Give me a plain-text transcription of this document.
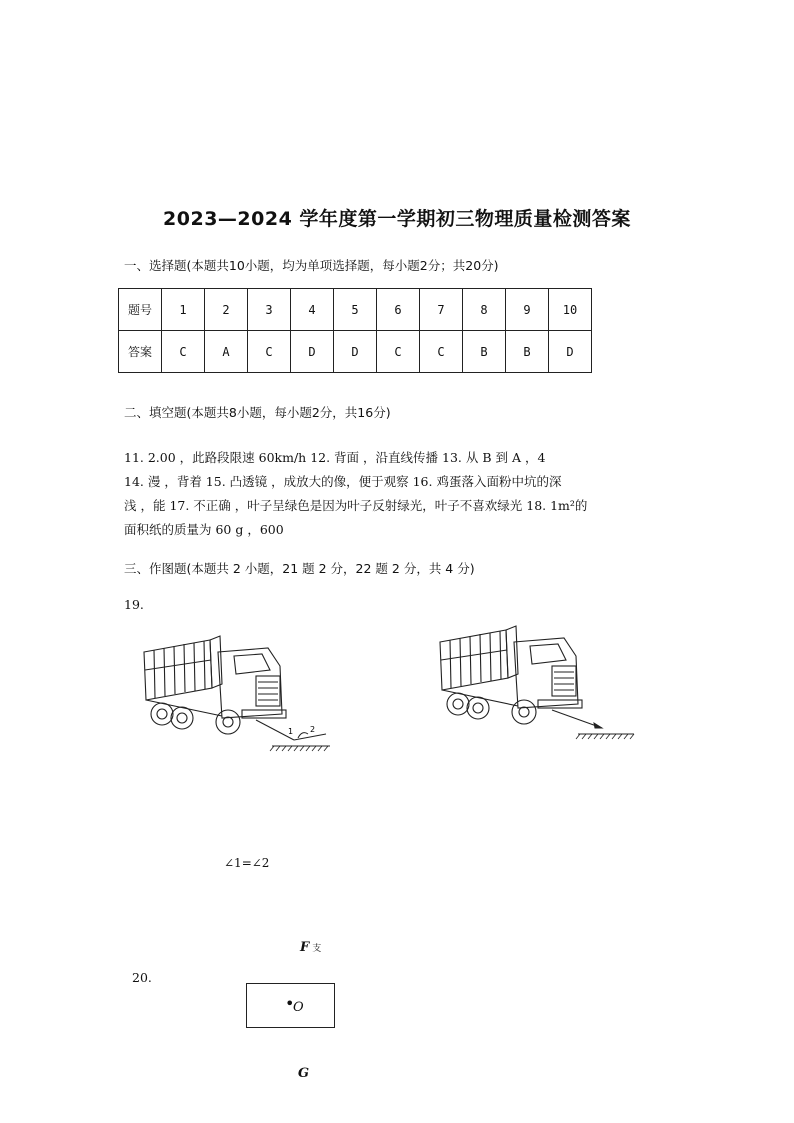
2023—2024 学年度第一学期初三物理质量检测答案
一、选择题(本题共10小题，均为单项选择题，每小题2分；共20分)
题号	1	2	3	4	5	6	7	8	9	10
答案	C	A	C	D	D	C	C	B	B	D
二、填空题(本题共8小题，每小题2分，共16分)
11. 2.00 ，此路段限速 60km/h 12. 背面 ，沿直线传播 13. 从 B 到 A ，4
14. 漫 ，背着 15. 凸透镜 ，成放大的像，便于观察 16. 鸡蛋落入面粉中坑的深
浅 ，能 17. 不正确 ，叶子呈绿色是因为叶子反射绿光，叶子不喜欢绿光 18. 1m²的
面积纸的质量为 60 g ，600
三、作图题(本题共 2 小题，21 题 2 分，22 题 2 分，共 4 分)
19.
1 2
∠1=∠2
F 支
20.
•
O
G
